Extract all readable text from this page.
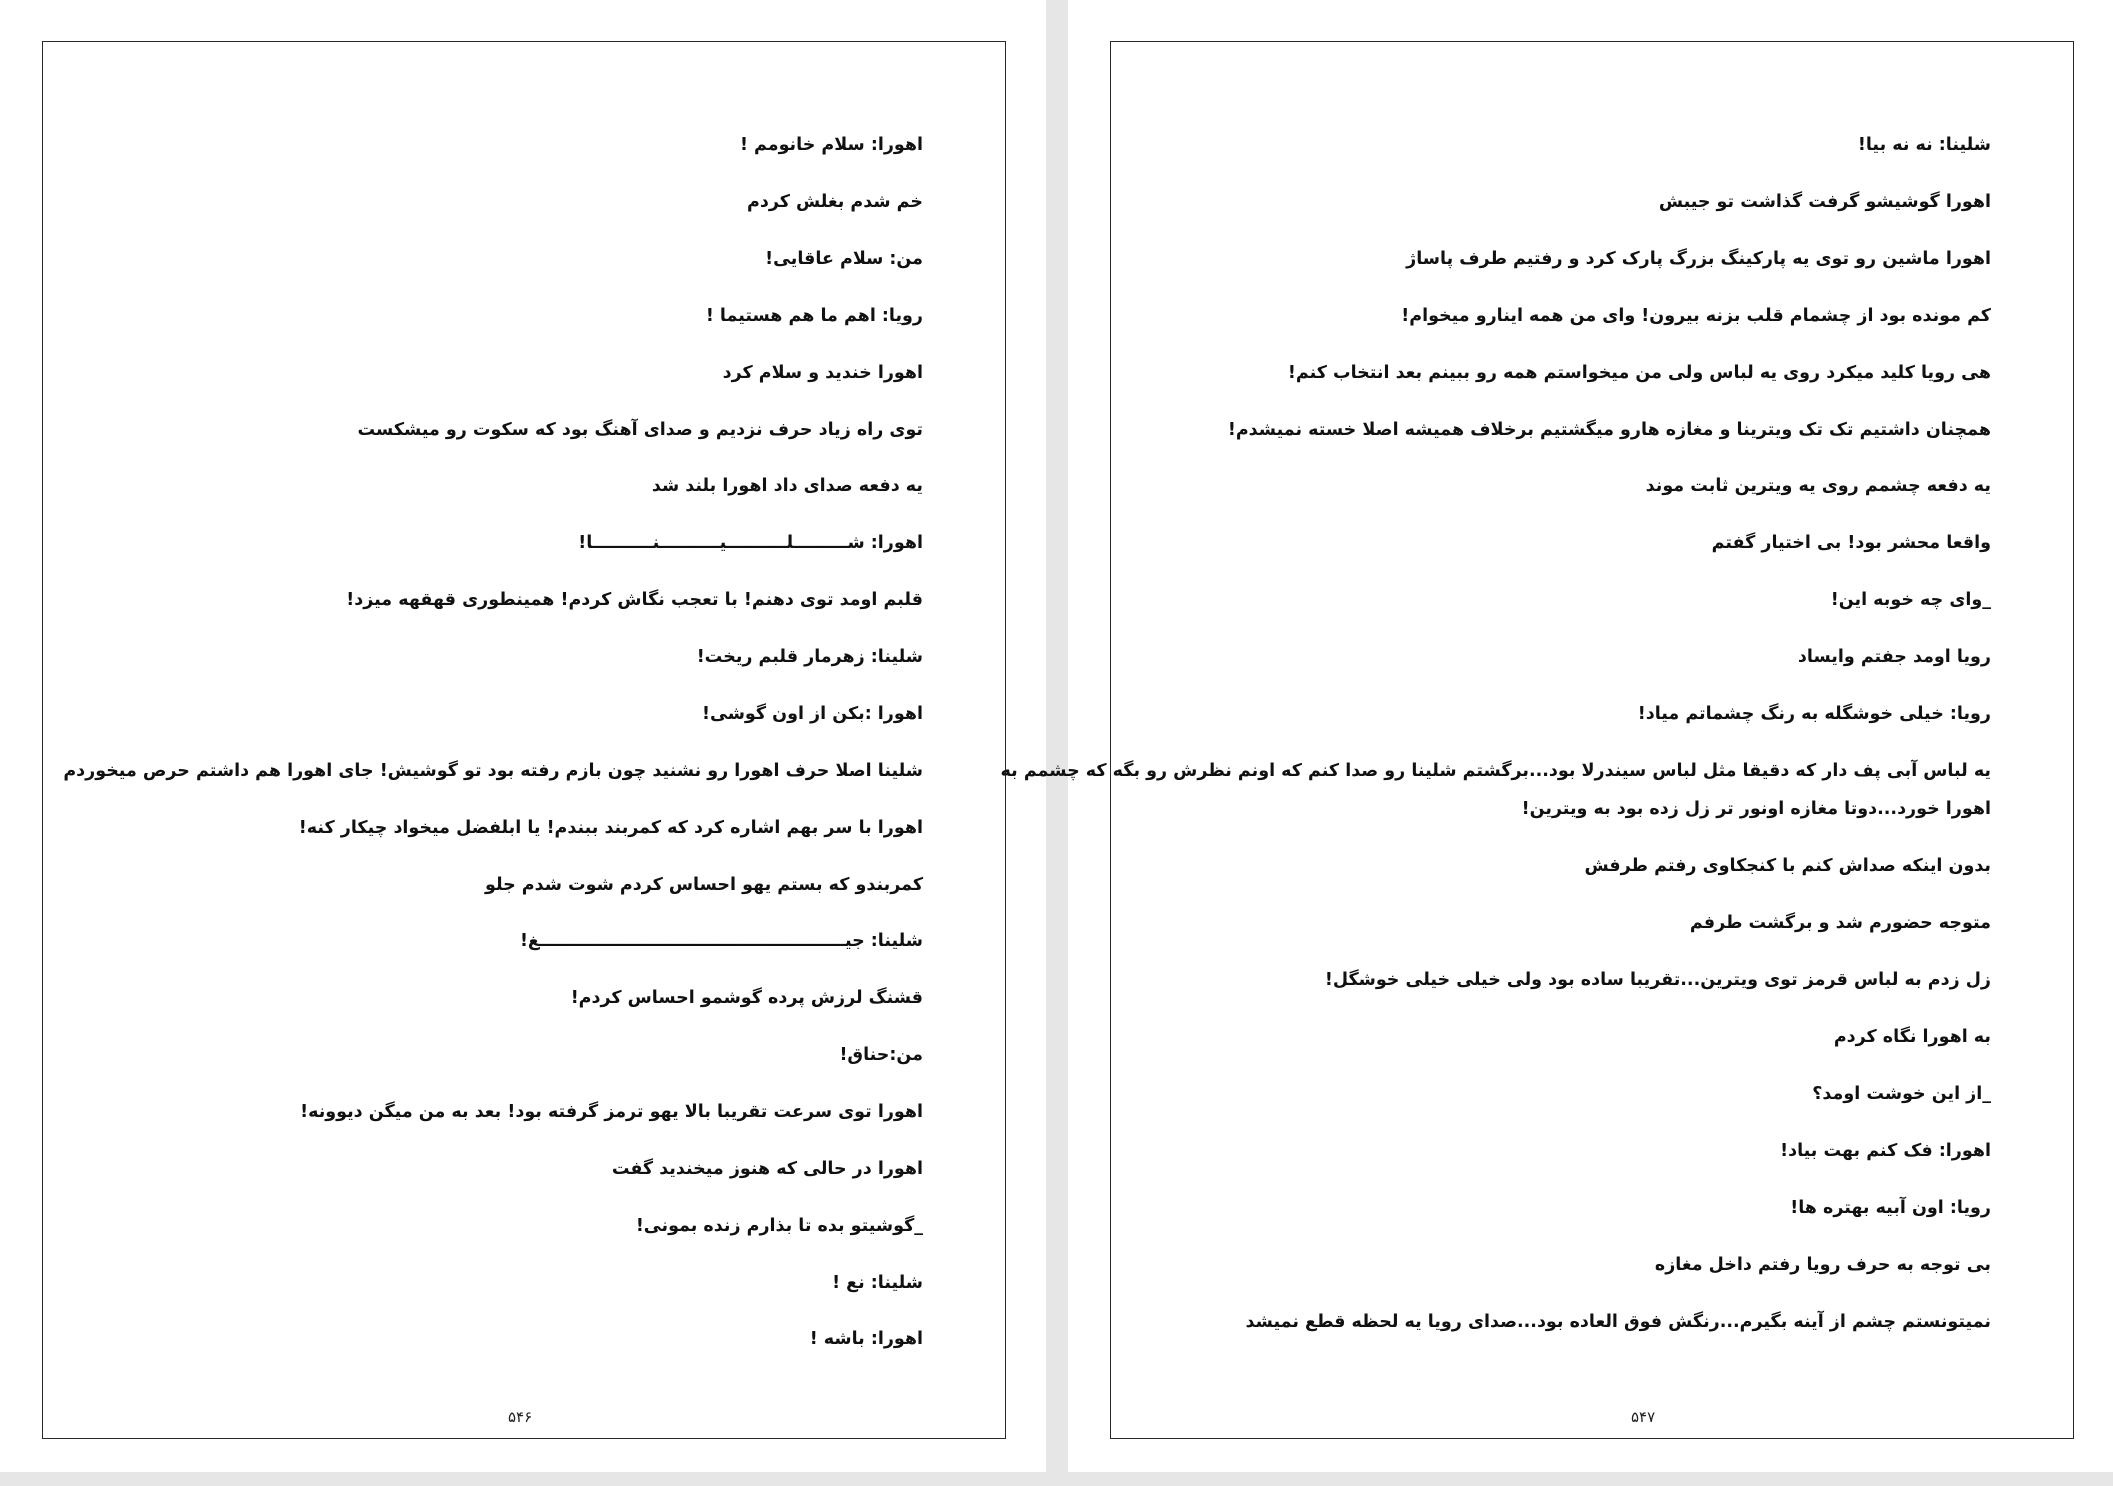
اهورا: سلام خانومم !
خم شدم بغلش کردم
من: سلام عاقایی!
رویا: اهم ما هم هستیما !
اهورا خندید و سلام کرد
توی راه زیاد حرف نزدیم و صدای آهنگ بود که سکوت رو میشکست
یه دفعه صدای داد اهورا بلند شد
اهورا: شـــــــــلــــــــــیــــــــــنــــــــــا!
قلبم اومد توی دهنم! با تعجب نگاش کردم! همینطوری قهقهه میزد!
شلینا: زهرمار قلبم ریخت!
اهورا :بکن از اون گوشی!
شلینا اصلا حرف اهورا رو نشنید چون بازم رفته بود تو گوشیش! جای اهورا هم داشتم حرص میخوردم
اهورا با سر بهم اشاره کرد که کمربند ببندم! یا ابلفضل میخواد چیکار کنه!
کمربندو که بستم یهو احساس کردم شوت شدم جلو
شلینا: جیـــــــــــــــــــــــــــــــــــــــــــــــــــغ!
قشنگ لرزش پرده گوشمو احساس کردم!
من:حناق!
اهورا توی سرعت تقریبا بالا یهو ترمز گرفته بود! بعد به من میگن دیوونه!
اهورا در حالی که هنوز میخندید گفت
_گوشیتو بده تا بذارم زنده بمونی!
شلینا: نع !
اهورا: باشه !
۵۴۶
شلینا: نه نه بیا!
اهورا گوشیشو گرفت گذاشت تو جیبش
اهورا ماشین رو توی یه پارکینگ بزرگ پارک کرد و رفتیم طرف پاساژ
کم مونده بود از چشمام قلب بزنه بیرون! وای من همه اینارو میخوام!
هی رویا کلید میکرد روی یه لباس ولی من میخواستم همه رو ببینم بعد انتخاب کنم!
همچنان داشتیم تک تک ویترینا و مغازه هارو میگشتیم برخلاف همیشه اصلا خسته نمیشدم!
یه دفعه چشمم روی یه ویترین ثابت موند
واقعا محشر بود! بی اختیار گفتم
_وای چه خوبه این!
رویا اومد جفتم وایساد
رویا: خیلی خوشگله به رنگ چشماتم میاد!
یه لباس آبی پف دار که دقیقا مثل لباس سیندرلا بود...برگشتم شلینا رو صدا کنم که اونم نظرش رو بگه که چشمم به
اهورا خورد...دوتا مغازه اونور تر زل زده بود به ویترین!
بدون اینکه صداش کنم با کنجکاوی رفتم طرفش
متوجه حضورم شد و برگشت طرفم
زل زدم به لباس قرمز توی ویترین...تقریبا ساده بود ولی خیلی خیلی خوشگل!
به اهورا نگاه کردم
_از این خوشت اومد؟
اهورا: فک کنم بهت بیاد!
رویا: اون آبیه بهتره ها!
بی توجه به حرف رویا رفتم داخل مغازه
نمیتونستم چشم از آینه بگیرم...رنگش فوق العاده بود...صدای رویا یه لحظه قطع نمیشد
۵۴۷
